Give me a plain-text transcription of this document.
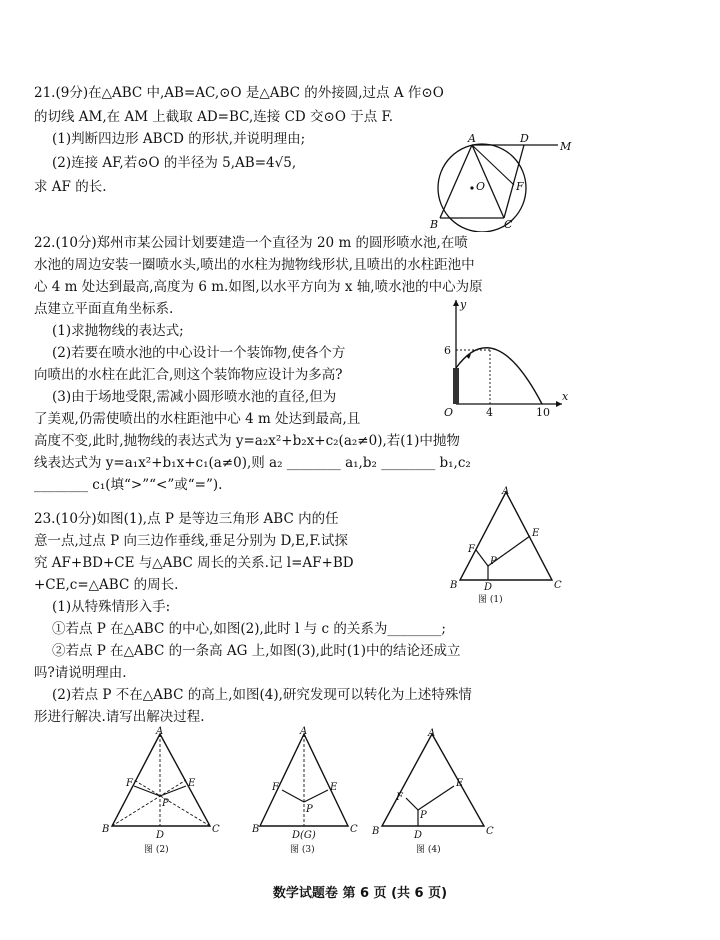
21.(9分)在△ABC 中,AB=AC,⊙O 是△ABC 的外接圆,过点 A 作⊙O
的切线 AM,在 AM 上截取 AD=BC,连接 CD 交⊙O 于点 F.
(1)判断四边形 ABCD 的形状,并说明理由;
(2)连接 AF,若⊙O 的半径为 5,AB=4√5,
求 AF 的长.
A	D
M
O	F
B	C
22.(10分)郑州市某公园计划要建造一个直径为 20 m 的圆形喷水池,在喷
水池的周边安装一圈喷水头,喷出的水柱为抛物线形状,且喷出的水柱距池中
心 4 m 处达到最高,高度为 6 m.如图,以水平方向为 x 轴,喷水池的中心为原
点建立平面直角坐标系.
(1)求抛物线的表达式;
(2)若要在喷水池的中心设计一个装饰物,使各个方
向喷出的水柱在此汇合,则这个装饰物应设计为多高?
(3)由于场地受限,需减小圆形喷水池的直径,但为
了美观,仍需使喷出的水柱距池中心 4 m 处达到最高,且
高度不变,此时,抛物线的表达式为 y=a₂x²+b₂x+c₂(a₂≠0),若(1)中抛物
线表达式为 y=a₁x²+b₁x+c₁(a≠0),则 a₂ ________ a₁,b₂ ________ b₁,c₂
________ c₁(填“>”“<”或“=”).
y
x
6
O	4	10
23.(10分)如图(1),点 P 是等边三角形 ABC 内的任
意一点,过点 P 向三边作垂线,垂足分别为 D,E,F.试探
究 AF+BD+CE 与△ABC 周长的关系.记 l=AF+BD
+CE,c=△ABC 的周长.
(1)从特殊情形入手:
①若点 P 在△ABC 的中心,如图(2),此时 l 与 c 的关系为________;
②若点 P 在△ABC 的一条高 AG 上,如图(3),此时(1)中的结论还成立
吗?请说明理由.
(2)若点 P 不在△ABC 的高上,如图(4),研究发现可以转化为上述特殊情
形进行解决.请写出解决过程.
A
B	C
D
E
F
P
图 (1)
A
B	C
D
E
F
P
图 (2)
A
B	C
D(G)
E
F
P
图 (3)
A
B	C
D
E
F
P
图 (4)
数学试题卷 第 6 页 (共 6 页)
